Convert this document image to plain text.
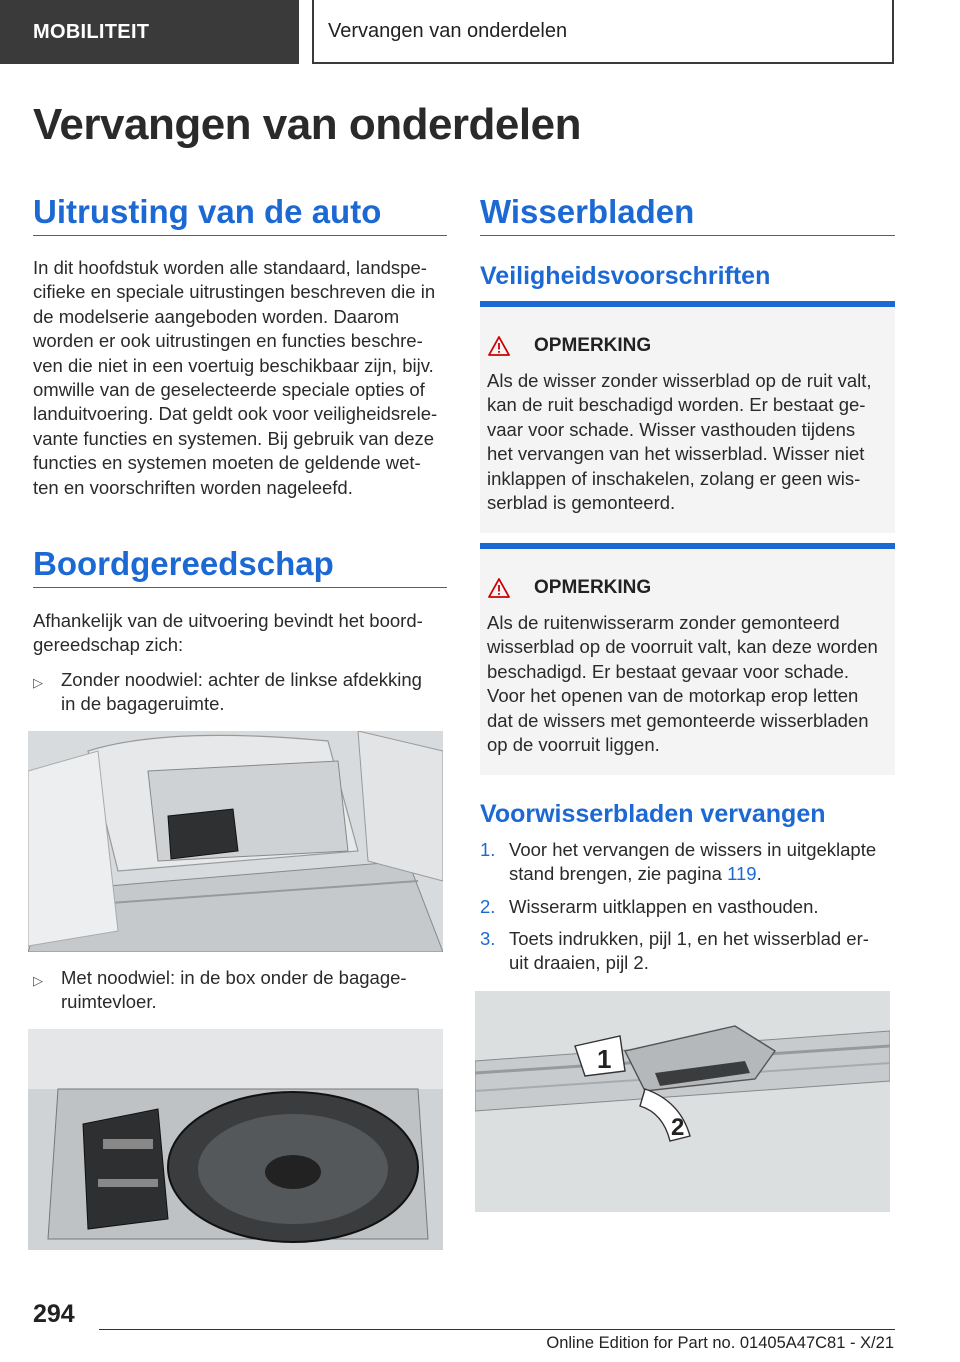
MOBILITEIT	Vervangen van onderdelen
Vervangen van onderdelen
Uitrusting van de auto
In dit hoofdstuk worden alle standaard, landspe-
cifieke en speciale uitrustingen beschreven die in
de modelserie aangeboden worden. Daarom
worden er ook uitrustingen en functies beschre-
ven die niet in een voertuig beschikbaar zijn, bijv.
omwille van de geselecteerde speciale opties of
landuitvoering. Dat geldt ook voor veiligheidsrele-
vante functies en systemen. Bij gebruik van deze
functies en systemen moeten de geldende wet-
ten en voorschriften worden nageleefd.
Boordgereedschap
Afhankelijk van de uitvoering bevindt het boord-
gereedschap zich:
▷ Zonder noodwiel: achter de linkse afdekking
in de bagageruimte.
▷ Met noodwiel: in de box onder de bagage-
ruimtevloer.
Wisserbladen
Veiligheidsvoorschriften
OPMERKING
Als de wisser zonder wisserblad op de ruit valt,
kan de ruit beschadigd worden. Er bestaat ge-
vaar voor schade. Wisser vasthouden tijdens
het vervangen van het wisserblad. Wisser niet
inklappen of inschakelen, zolang er geen wis-
serblad is gemonteerd.
OPMERKING
Als de ruitenwisserarm zonder gemonteerd
wisserblad op de voorruit valt, kan deze worden
beschadigd. Er bestaat gevaar voor schade.
Voor het openen van de motorkap erop letten
dat de wissers met gemonteerde wisserbladen
op de voorruit liggen.
Voorwisserbladen vervangen
1. Voor het vervangen de wissers in uitgeklapte
stand brengen, zie pagina 119.
2. Wisserarm uitklappen en vasthouden.
3. Toets indrukken, pijl 1, en het wisserblad er-
uit draaien, pijl 2.
1
2
294
Online Edition for Part no. 01405A47C81 - X/21
